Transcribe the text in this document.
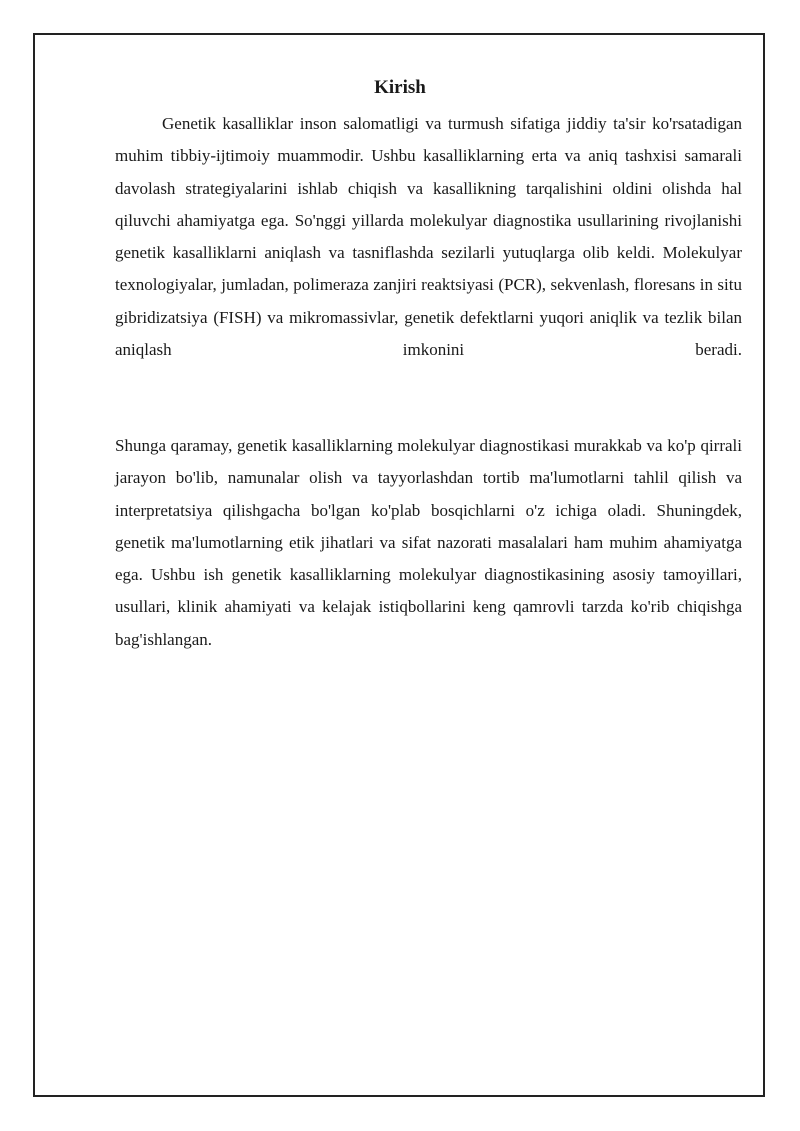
Kirish

Genetik kasalliklar inson salomatligi va turmush sifatiga jiddiy ta'sir ko'rsatadigan muhim tibbiy-ijtimoiy muammodir. Ushbu kasalliklarning erta va aniq tashxisi samarali davolash strategiyalarini ishlab chiqish va kasallikning tarqalishini oldini olishda hal qiluvchi ahamiyatga ega. So'nggi yillarda molekulyar diagnostika usullarining rivojlanishi genetik kasalliklarni aniqlash va tasniflashda sezilarli yutuqlarga olib keldi. Molekulyar texnologiyalar, jumladan, polimeraza zanjiri reaktsiyasi (PCR), sekvenlash, floresans in situ gibridizatsiya (FISH) va mikromassivlar, genetik defektlarni yuqori aniqlik va tezlik bilan aniqlash imkonini beradi.

Shunga qaramay, genetik kasalliklarning molekulyar diagnostikasi murakkab va ko'p qirrali jarayon bo'lib, namunalar olish va tayyorlashdan tortib ma'lumotlarni tahlil qilish va interpretatsiya qilishgacha bo'lgan ko'plab bosqichlarni o'z ichiga oladi. Shuningdek, genetik ma'lumotlarning etik jihatlari va sifat nazorati masalalari ham muhim ahamiyatga ega. Ushbu ish genetik kasalliklarning molekulyar diagnostikasining asosiy tamoyillari, usullari, klinik ahamiyati va kelajak istiqbollarini keng qamrovli tarzda ko'rib chiqishga bag'ishlangan.
